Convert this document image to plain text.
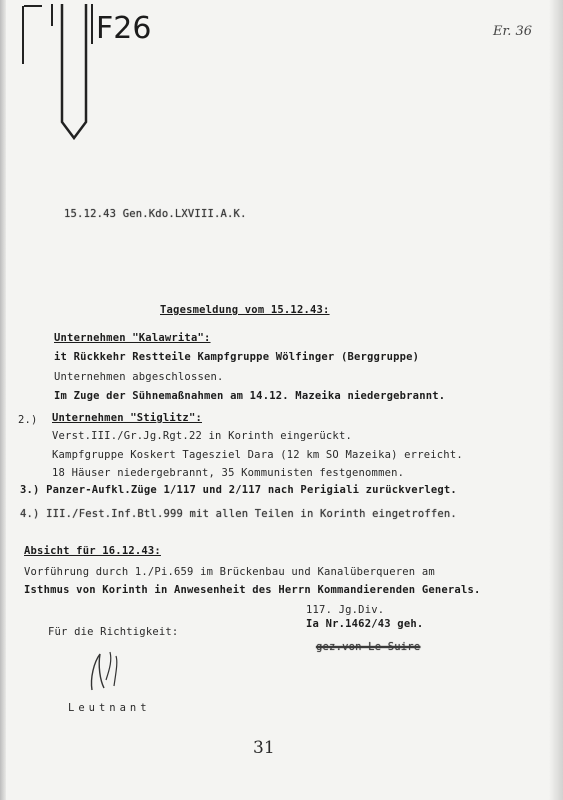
F26	Er. 36
15.12.43 Gen.Kdo.LXVIII.A.K.
Tagesmeldung vom 15.12.43:
Unternehmen "Kalawrita":
it Rückkehr Restteile Kampfgruppe Wölfinger (Berggruppe)
Unternehmen abgeschlossen.
Im Zuge der Sühnemaßnahmen am 14.12. Mazeika niedergebrannt.
2.) Unternehmen "Stiglitz":
Verst.III./Gr.Jg.Rgt.22 in Korinth eingerückt.
Kampfgruppe Koskert Tagesziel Dara (12 km SO Mazeika) erreicht.
18 Häuser niedergebrannt, 35 Kommunisten festgenommen.
3.) Panzer-Aufkl.Züge 1/117 und 2/117 nach Perigiali zurückverlegt.
4.) III./Fest.Inf.Btl.999 mit allen Teilen in Korinth eingetroffen.
Absicht für 16.12.43:
Vorführung durch 1./Pi.659 im Brückenbau und Kanalüberqueren am
Isthmus von Korinth in Anwesenheit des Herrn Kommandierenden Generals.
117. Jg.Div.
Ia Nr.1462/43 geh.
Für die Richtigkeit:
gez.von Le Suire
Leutnant
31
